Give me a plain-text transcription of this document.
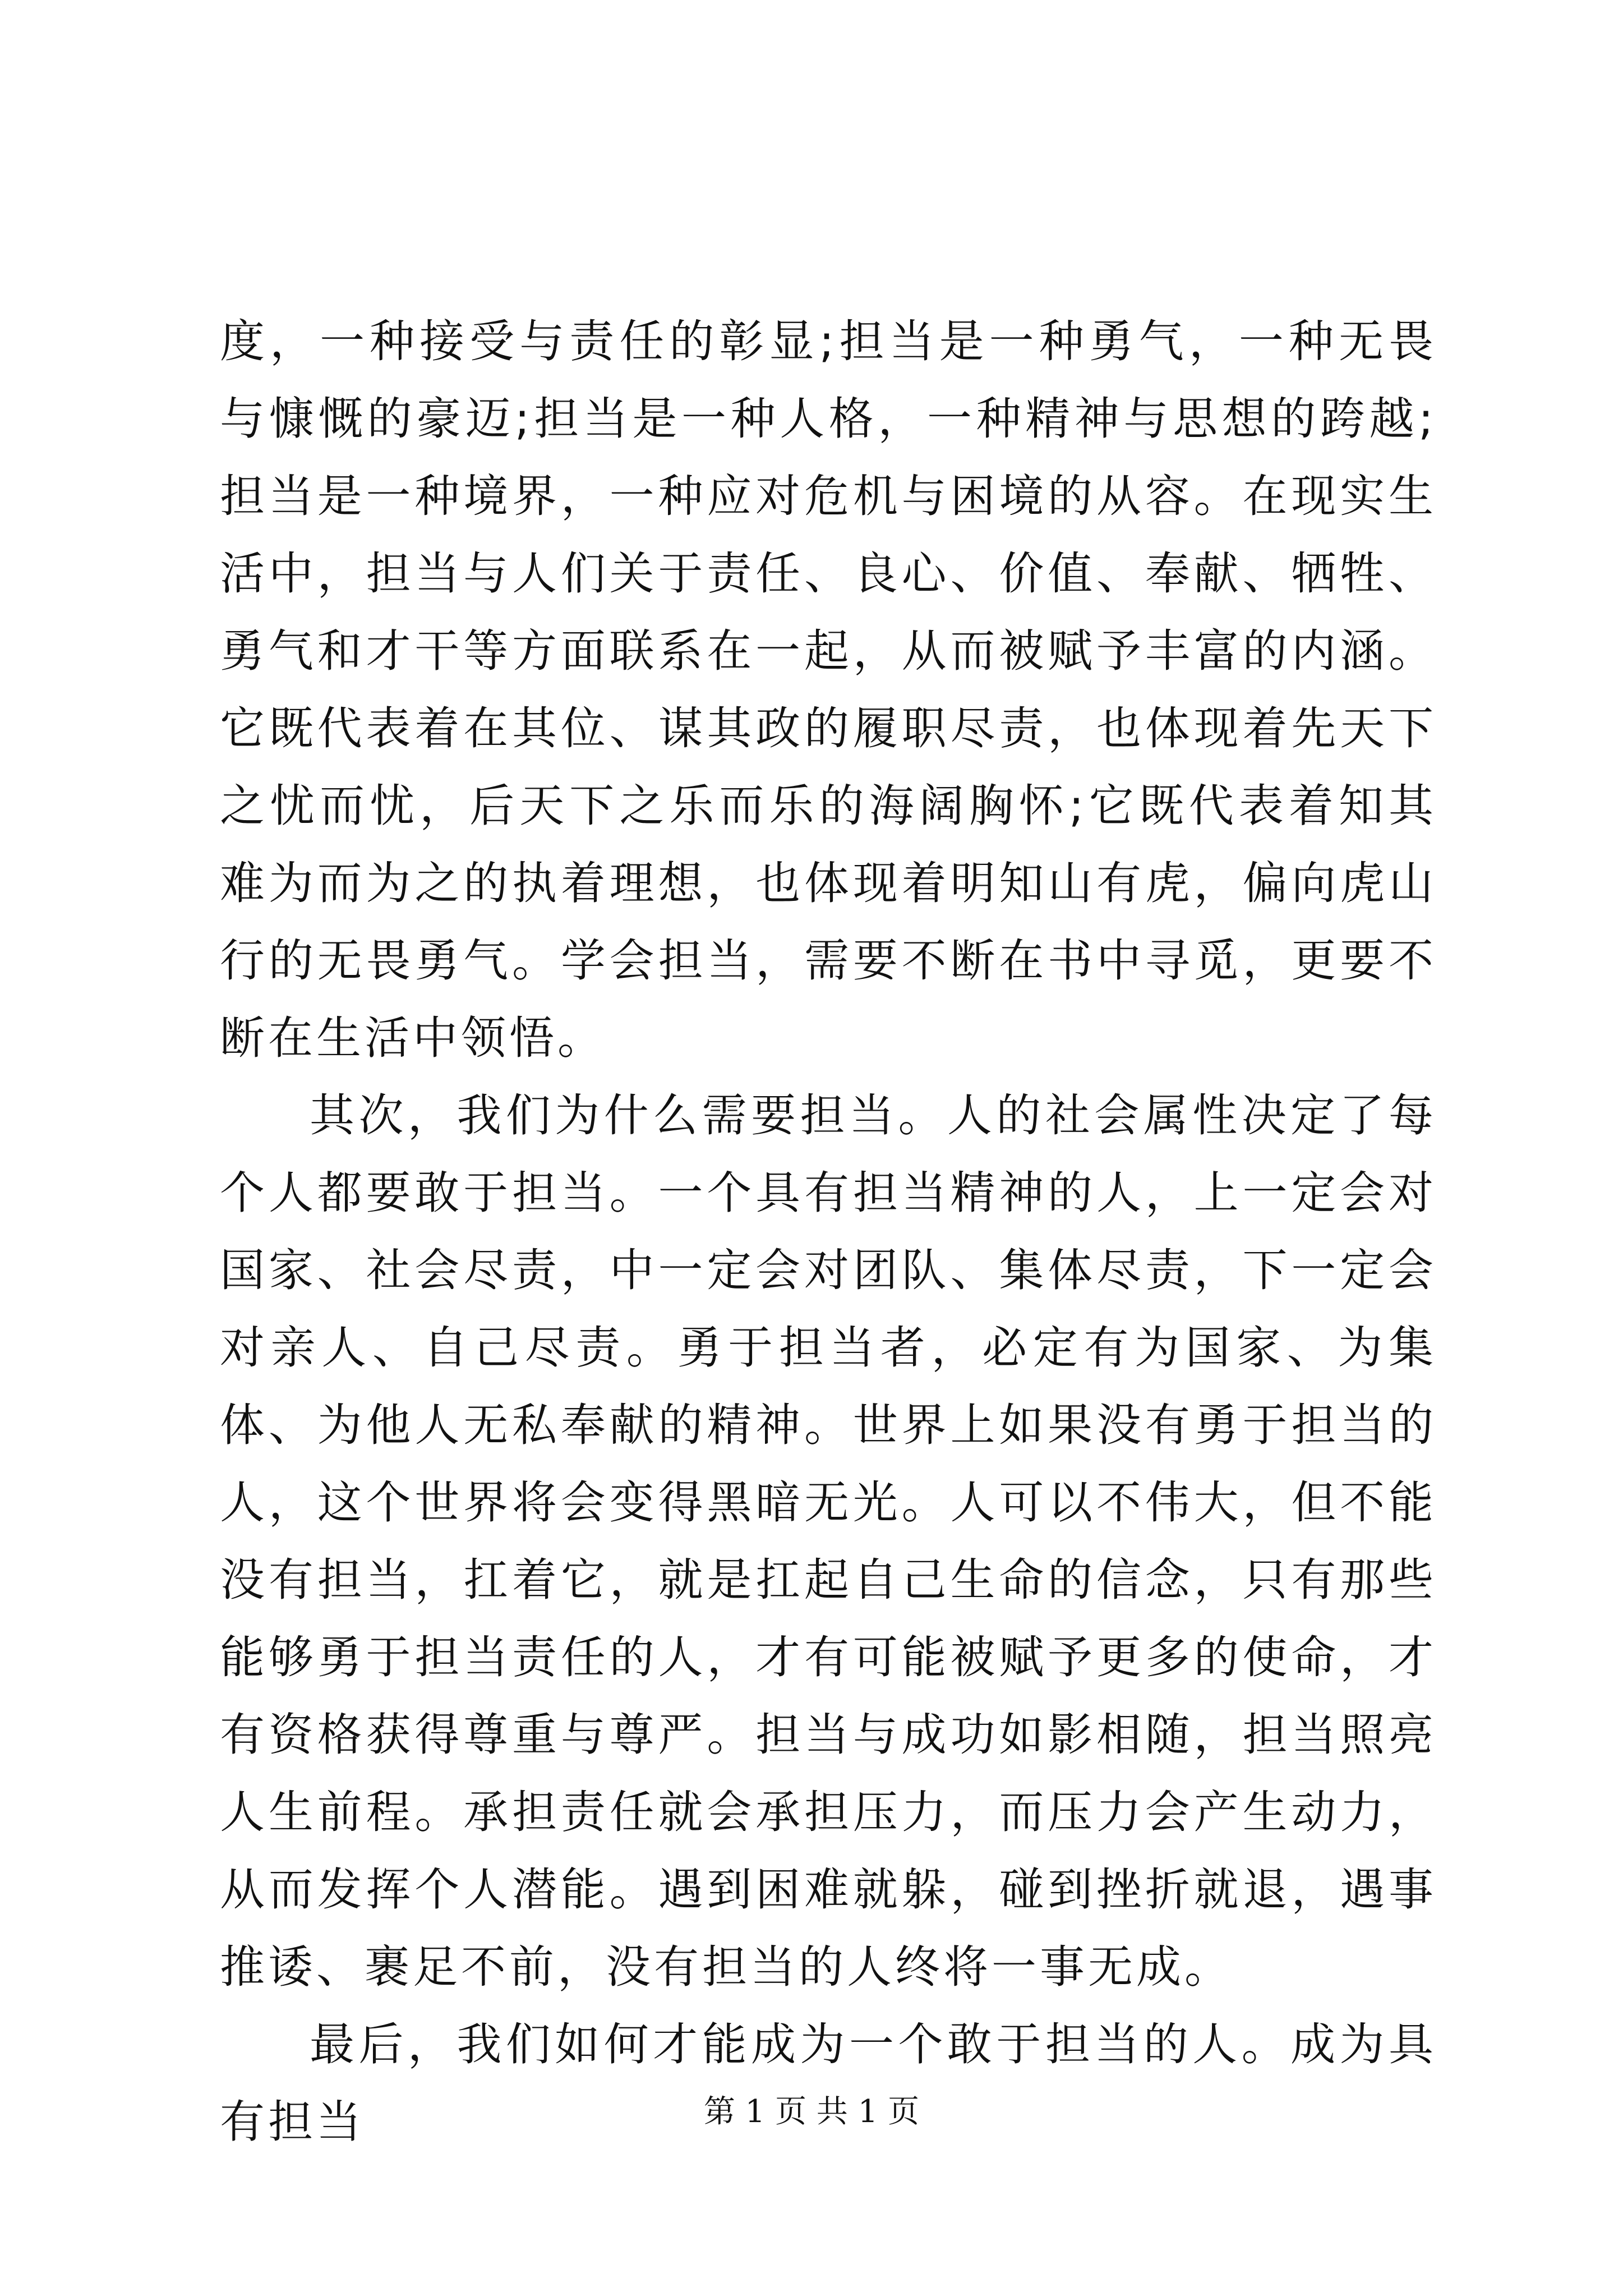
度，一种接受与责任的彰显;担当是一种勇气，一种无畏与慷慨的豪迈;担当是一种人格，一种精神与思想的跨越;担当是一种境界，一种应对危机与困境的从容。在现实生活中，担当与人们关于责任、良心、价值、奉献、牺牲、勇气和才干等方面联系在一起，从而被赋予丰富的内涵。它既代表着在其位、谋其政的履职尽责，也体现着先天下之忧而忧，后天下之乐而乐的海阔胸怀;它既代表着知其难为而为之的执着理想，也体现着明知山有虎，偏向虎山行的无畏勇气。学会担当，需要不断在书中寻觅，更要不断在生活中领悟。

其次，我们为什么需要担当。人的社会属性决定了每个人都要敢于担当。一个具有担当精神的人，上一定会对国家、社会尽责，中一定会对团队、集体尽责，下一定会对亲人、自己尽责。勇于担当者，必定有为国家、为集体、为他人无私奉献的精神。世界上如果没有勇于担当的人，这个世界将会变得黑暗无光。人可以不伟大，但不能没有担当，扛着它，就是扛起自己生命的信念，只有那些能够勇于担当责任的人，才有可能被赋予更多的使命，才有资格获得尊重与尊严。担当与成功如影相随，担当照亮人生前程。承担责任就会承担压力，而压力会产生动力，从而发挥个人潜能。遇到困难就躲，碰到挫折就退，遇事推诿、裹足不前，没有担当的人终将一事无成。

最后，我们如何才能成为一个敢于担当的人。成为具有担当	第 1 页 共 1 页
